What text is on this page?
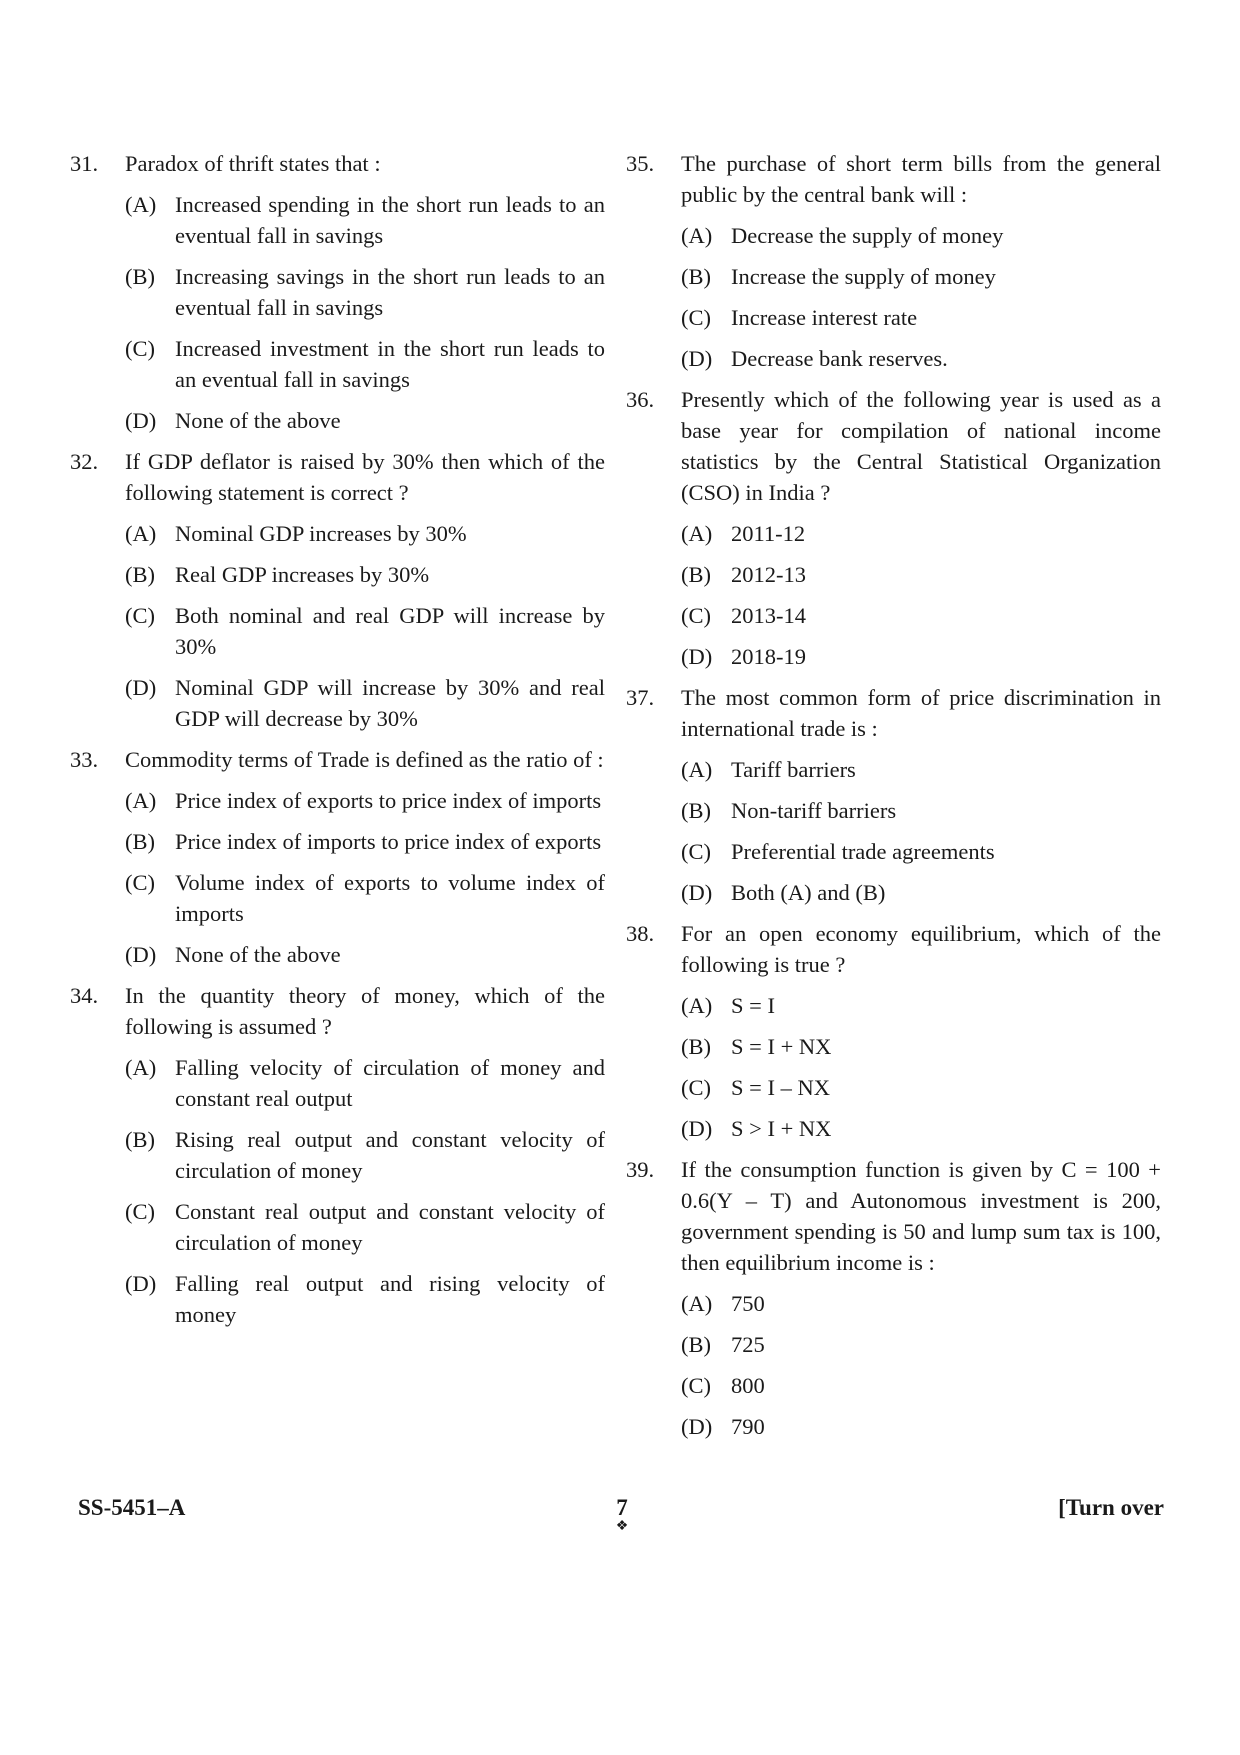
31. Paradox of thrift states that :
(A) Increased spending in the short run leads to an eventual fall in savings
(B) Increasing savings in the short run leads to an eventual fall in savings
(C) Increased investment in the short run leads to an eventual fall in savings
(D) None of the above
32. If GDP deflator is raised by 30% then which of the following statement is correct ?
(A) Nominal GDP increases by 30%
(B) Real GDP increases by 30%
(C) Both nominal and real GDP will increase by 30%
(D) Nominal GDP will increase by 30% and real GDP will decrease by 30%
33. Commodity terms of Trade is defined as the ratio of :
(A) Price index of exports to price index of imports
(B) Price index of imports to price index of exports
(C) Volume index of exports to volume index of imports
(D) None of the above
34. In the quantity theory of money, which of the following is assumed ?
(A) Falling velocity of circulation of money and constant real output
(B) Rising real output and constant velocity of circulation of money
(C) Constant real output and constant velocity of circulation of money
(D) Falling real output and rising velocity of money
35. The purchase of short term bills from the general public by the central bank will :
(A) Decrease the supply of money
(B) Increase the supply of money
(C) Increase interest rate
(D) Decrease bank reserves.
36. Presently which of the following year is used as a base year for compilation of national income statistics by the Central Statistical Organization (CSO) in India ?
(A) 2011-12
(B) 2012-13
(C) 2013-14
(D) 2018-19
37. The most common form of price discrimination in international trade is :
(A) Tariff barriers
(B) Non-tariff barriers
(C) Preferential trade agreements
(D) Both (A) and (B)
38. For an open economy equilibrium, which of the following is true ?
(A) S = I
(B) S = I + NX
(C) S = I – NX
(D) S > I + NX
39. If the consumption function is given by C = 100 + 0.6(Y – T) and Autonomous investment is 200, government spending is 50 and lump sum tax is 100, then equilibrium income is :
(A) 750
(B) 725
(C) 800
(D) 790
SS-5451–A	7
❖
[Turn over
